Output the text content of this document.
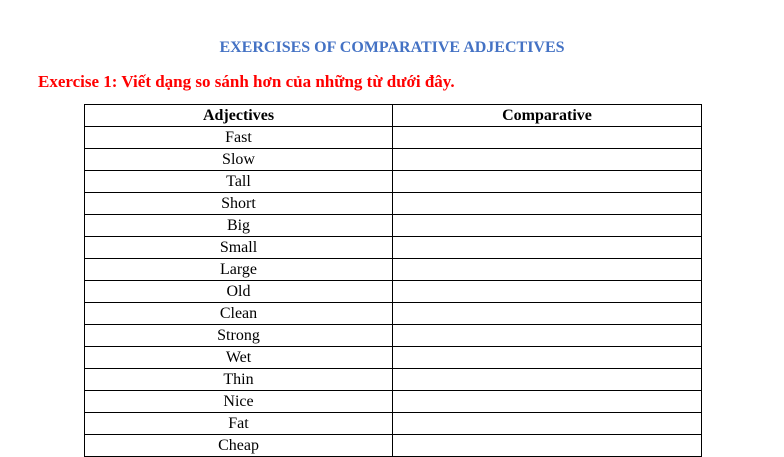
EXERCISES OF COMPARATIVE ADJECTIVES
Exercise 1: Viết dạng so sánh hơn của những từ dưới đây.
Adjectives	Comparative
Fast	
Slow	
Tall	
Short	
Big	
Small	
Large	
Old	
Clean	
Strong	
Wet	
Thin	
Nice	
Fat	
Cheap	
